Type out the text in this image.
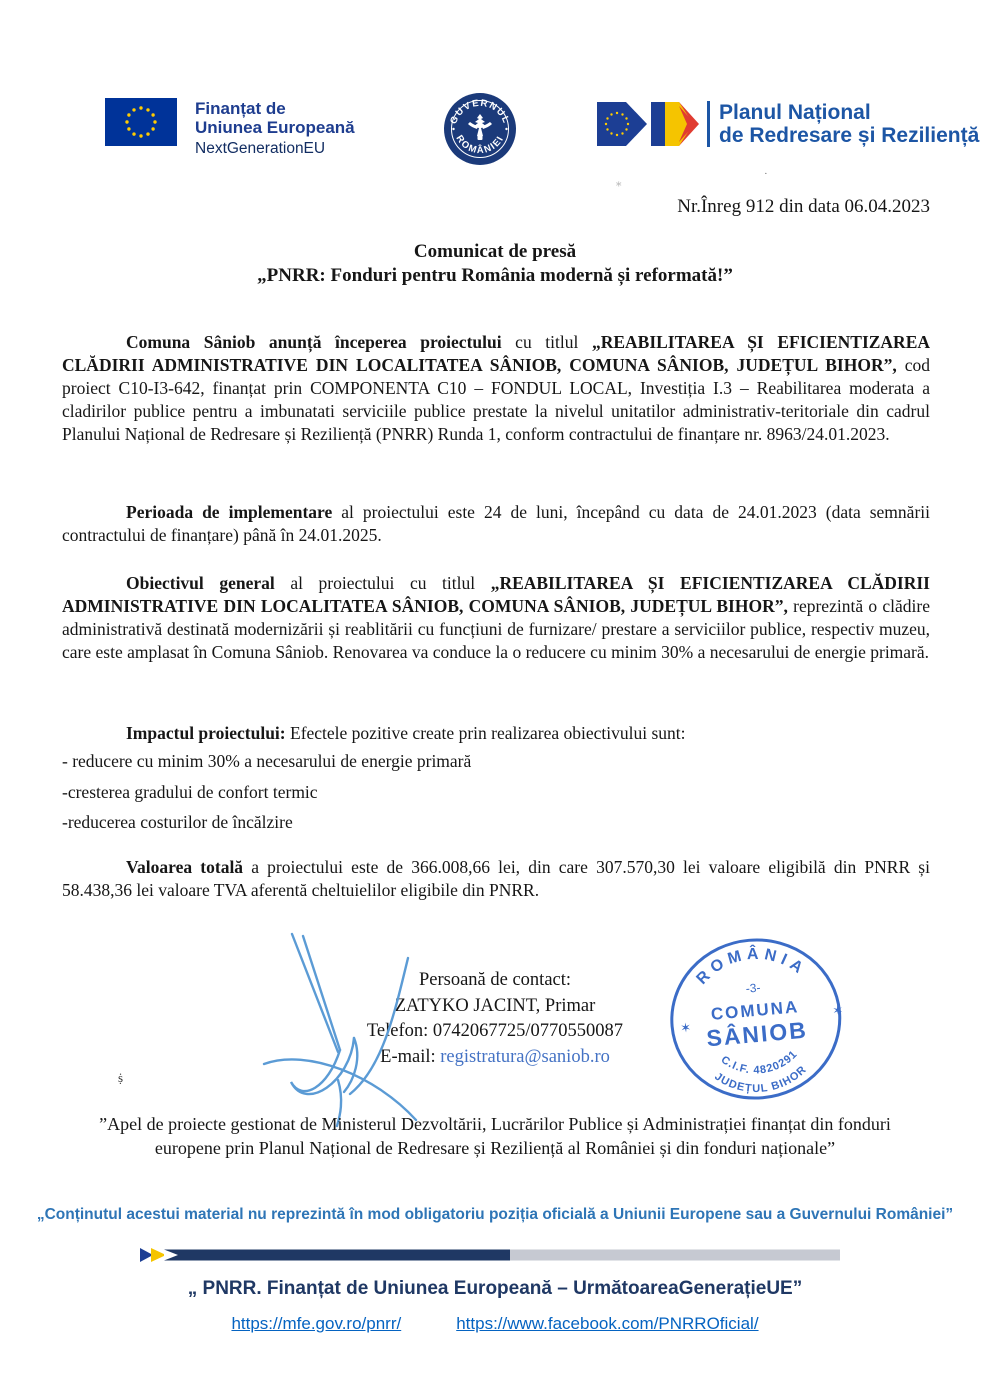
Finanțat de
Uniunea Europeană
NextGenerationEU
GUVERNUL
ROMÂNIEI
Planul Național
de Redresare și Reziliență
⁎
·
ṩ
Nr.Înreg 912 din data 06.04.2023
Comunicat de presă
„PNRR: Fonduri pentru România modernă și reformată!”
Comuna Sâniob anunță începerea proiectului cu titlul „REABILITAREA ȘI EFICIENTIZAREA CLĂDIRII ADMINISTRATIVE DIN LOCALITATEA SÂNIOB, COMUNA SÂNIOB, JUDEȚUL BIHOR”, cod proiect C10-I3-642, finanțat prin COMPONENTA C10 – FONDUL LOCAL, Investiția I.3 – Reabilitarea moderata a cladirilor publice pentru a imbunatati serviciile publice prestate la nivelul unitatilor administrativ-teritoriale din cadrul Planului Național de Redresare și Reziliență (PNRR) Runda 1, conform contractului de finanțare nr. 8963/24.01.2023.
Perioada de implementare al proiectului este 24 de luni, începând cu data de 24.01.2023 (data semnării contractului de finanțare) până în 24.01.2025.
Obiectivul general al proiectului cu titlul „REABILITAREA ȘI EFICIENTIZAREA CLĂDIRII ADMINISTRATIVE DIN LOCALITATEA SÂNIOB, COMUNA SÂNIOB, JUDEȚUL BIHOR”, reprezintă o clădire administrativă destinată modernizării și reablitării cu funcțiuni de furnizare/ prestare a serviciilor publice, respectiv muzeu, care este amplasat în Comuna Sâniob. Renovarea va conduce la o reducere cu minim 30% a necesarului de energie primară.
Impactul proiectului: Efectele pozitive create prin realizarea obiectivului sunt:
- reducere cu minim 30% a necesarului de energie primară
-cresterea gradului de confort termic
-reducerea costurilor de încălzire
Valoarea totală a proiectului este de 366.008,66 lei, din care 307.570,30 lei valoare eligibilă din PNRR și 58.438,36 lei valoare TVA aferentă cheltuielilor eligibile din PNRR.
Persoană de contact:
ZATYKO JACINT, Primar
Telefon: 0742067725/0770550087
E-mail: registratura@saniob.ro
ROMÂNIA
-3-
COMUNA
SÂNIOB
C.I.F. 4820291
JUDEȚUL BIHOR
✶
✶
”Apel de proiecte gestionat de Ministerul Dezvoltării, Lucrărilor Publice și Administrației finanțat din fonduri europene prin Planul Național de Redresare și Reziliență al României și din fonduri naționale”
„Conținutul acestui material nu reprezintă în mod obligatoriu poziția oficială a Uniunii Europene sau a Guvernului României”
„ PNRR. Finanțat de Uniunea Europeană – UrmătoareaGenerațieUE”
https://mfe.gov.ro/pnrr/	https://www.facebook.com/PNRROficial/
